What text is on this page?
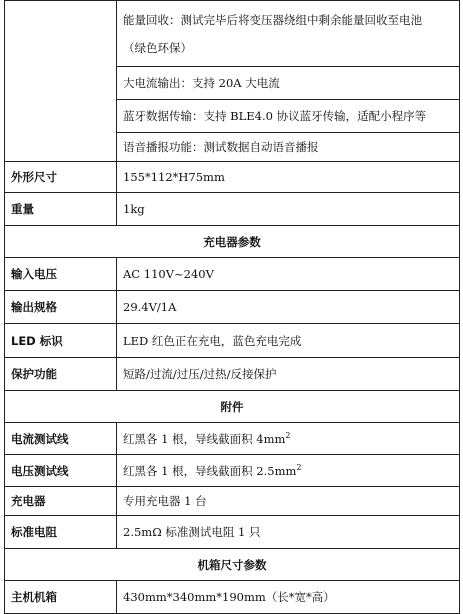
	能量回收：测试完毕后将变压器绕组中剩余能量回收至电池
（绿色环保）

	大电流输出：支持 20A 大电流
	蓝牙数据传输：支持 BLE4.0 协议蓝牙传输，适配小程序等
	语音播报功能：测试数据自动语音播报
外形尺寸	155*112*H75mm
重量	1kg
充电器参数	
输入电压	AC 110V~240V
输出规格	29.4V/1A
LED 标识	LED 红色正在充电，蓝色充电完成
保护功能	短路/过流/过压/过热/反接保护
附件	
电流测试线	红黑各 1 根，导线截面积 $4mm^2$
电压测试线	红黑各 1 根，导线截面积 $2.5mm^2$
充电器	专用充电器 1 台
标准电阻	2.5mΩ 标准测试电阻 1 只
机箱尺寸参数	
主机机箱	430mm*340mm*190mm（长*宽*高）
